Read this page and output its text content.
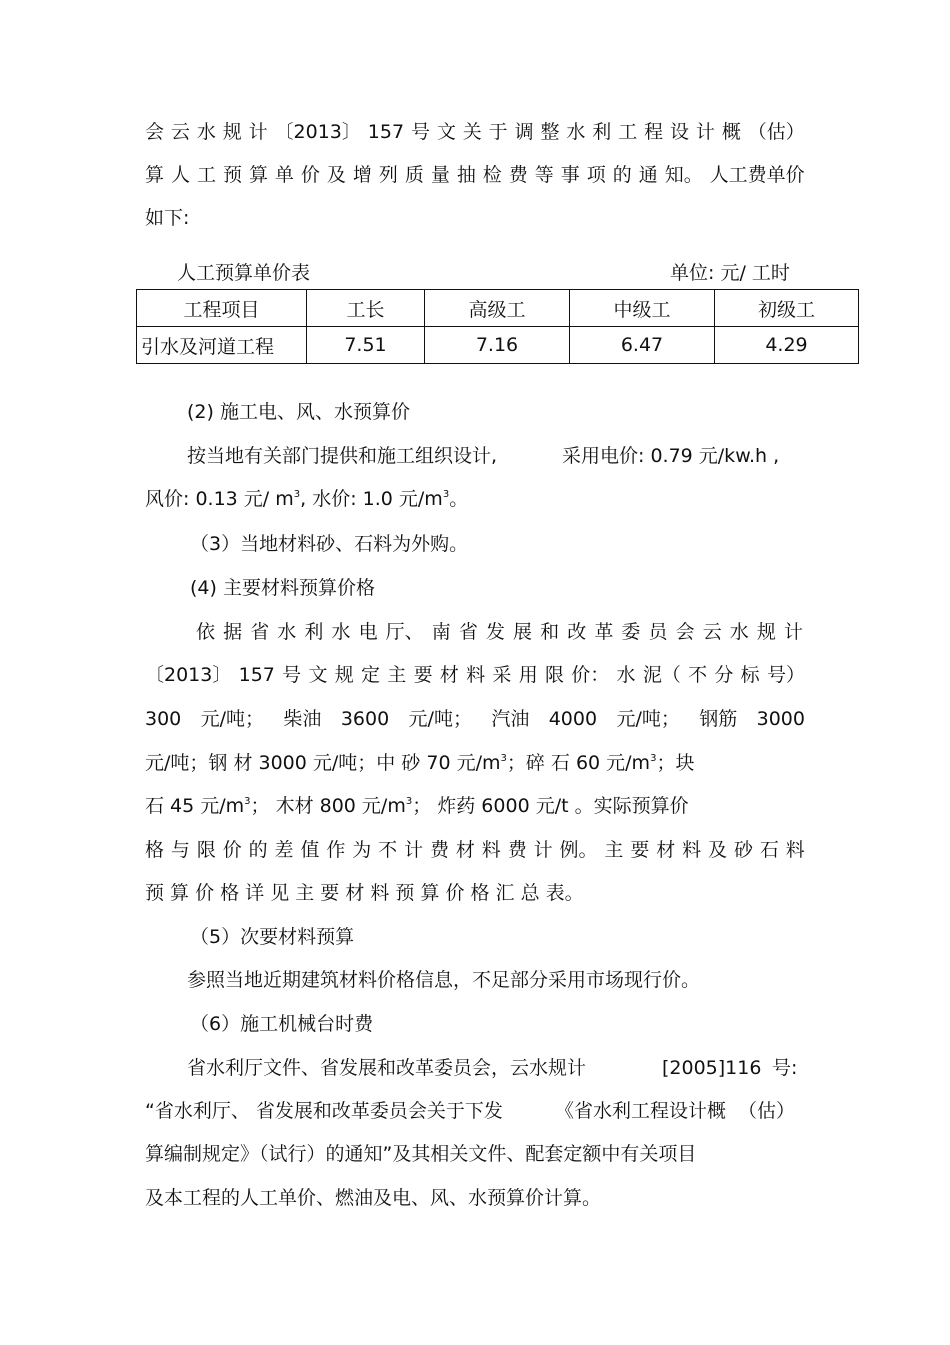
会 云 水 规 计 〔2013〕 157 号 文 关 于 调 整 水 利 工 程 设 计 概 （估）
算 人 工 预 算 单 价 及 增 列 质 量 抽 检 费 等 事 项 的 通 知。 人工费单价
如下:
人工预算单价表	单位: 元/ 工时
工程项目	工长	高级工	中级工	初级工
引水及河道工程	7.51	7.16	6.47	4.29
(2) 施工电、风、水预算价
按当地有关部门提供和施工组织设计,	采用电价: 0.79 元/kw.h ,
风价: 0.13 元/ $m^3$, 水价: 1.0 元$/m^3$。
（3）当地材料砂、石料为外购。
(4) 主要材料预算价格
依 据 省 水 利 水 电 厅、 南 省 发 展 和 改 革 委 员 会 云 水 规 计
〔2013〕 157 号 文 规 定 主 要 材 料 采 用 限 价： 水 泥（ 不 分 标 号）
300 元/吨； 柴油 3600 元/吨； 汽油 4000 元/吨； 钢筋 3000
元/吨；钢 材 3000 元/吨；中 砂 70 元$/m^3$；碎 石 60 元$/m^3$；块
石 45 元$/m^3$； 木材 800 元$/m^3$； 炸药 6000 元/t 。实际预算价
格 与 限 价 的 差 值 作 为 不 计 费 材 料 费 计 例。 主 要 材 料 及 砂 石 料
预 算 价 格 详 见 主 要 材 料 预 算 价 格 汇 总 表。
（5）次要材料预算
参照当地近期建筑材料价格信息，不足部分采用市场现行价。
（6）施工机械台时费
省水利厅文件、省发展和改革委员会，云水规计	[2005]116 号:
“省水利厅、 省发展和改革委员会关于下发	《省水利工程设计概 （估）
算编制规定》（试行）的通知”及其相关文件、配套定额中有关项目
及本工程的人工单价、燃油及电、风、水预算价计算。
